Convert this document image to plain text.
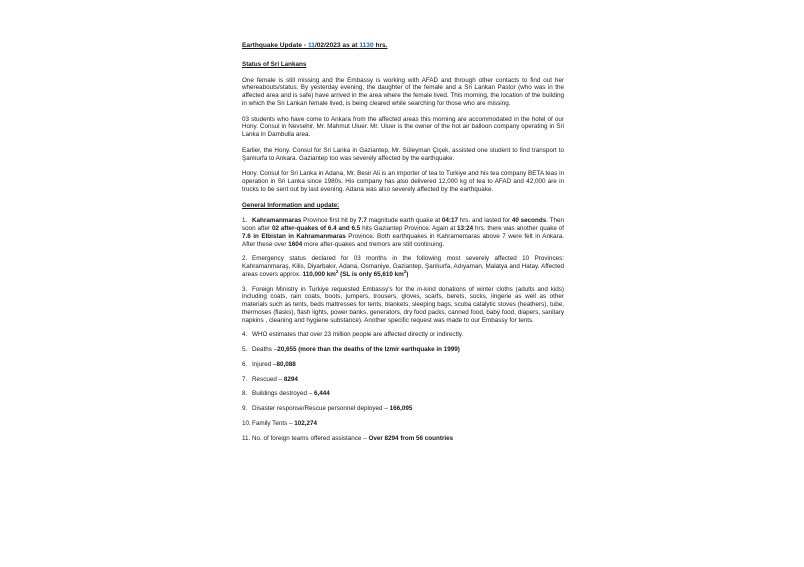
Earthquake Update - 11/02/2023 as at 1130 hrs.
Status of Sri Lankans

One female is still missing and the Embassy is working with AFAD and through other contacts to find out her whereabouts/status. By yesterday evening, the daughter of the female and a Sri Lankan Pastor (who was in the affected area and is safe) have arrived in the area where the female lived. This morning, the location of the building in which the Sri Lankan female lived, is being cleared while searching for those who are missing.

03 students who have come to Ankara from the affected areas this morning are accommodated in the hotel of our Hony. Consul in Nevsehir, Mr. Mahmut Uluer. Mr. Uluer is the owner of the hot air balloon company operating in Sri Lanka in Dambulla area.

Earlier, the Hony. Consul for Sri Lanka in Gaziantep, Mr. Süleyman Çiçek, assisted one student to find transport to Şanlıurfa to Ankara. Gaziantep too was severely affected by the earthquake.

Hony. Consul for Sri Lanka in Adana, Mr. Besir Ali is an importer of tea to Turkiye and his tea company BETA teas in operation in Sri Lanka since 1980s. His company has also delivered 12,000 kg of tea to AFAD and 42,000 are in trucks to be sent out by last evening. Adana was also severely affected by the earthquake.

General Information and update:
1. Kahramanmaras Province first hit by 7.7 magnitude earth quake at 04:17 hrs. and lasted for 40 seconds. Then soon after 02 after-quakes of 6.4 and 6.5 hits Gaziantep Province. Again at 13:24 hrs. there was another quake of 7.6 in Elbistan in Kahramanmaras Province. Both earthquakes in Kahramemaras above 7 were felt in Ankara. After these over 1604 more after-quakes and tremors are still continuing.
2. Emergency status declared for 03 months in the following most severely affected 10 Provinces: Kahramanmaraş, Kilis, Diyarbakır, Adana, Osmaniye, Gaziantep, Şanlıurfa, Adıyaman, Malatya and Hatay. Affected areas covers approx. 110,000 $km^2$ (SL is only 65,610 $km^2$)
3. Foreign Ministry in Turkiye requested Embassy's for the in-kind donations of winter cloths (adults and kids) including coats, rain coats, boots, jumpers, trousers, gloves, scarfs, berets, socks, lingerie as well as other materials such as tents, beds mattresses for tents, blankets, sleeping bags, scuba catalytic stoves (heathers), tube, thermoses (flasks), flash lights, power banks, generators, dry food packs, canned food, baby food, diapers, sanitary napkins , cleaning and hygiene substance). Another specific request was made to our Embassy for tents.
4. WHO estimates that over 23 million people are affected directly or indirectly.
5. Deaths –20,655 (more than the deaths of the Izmir earthquake in 1999)
6. Injured –80,088
7. Rescued – 8294
8. Buildings destroyed – 6,444
9. Disaster response/Rescue personnel deployed – 166,095
10.Family Tents – 102,274
11. No. of foreign teams offered assistance – Over 8294 from 56 countries
